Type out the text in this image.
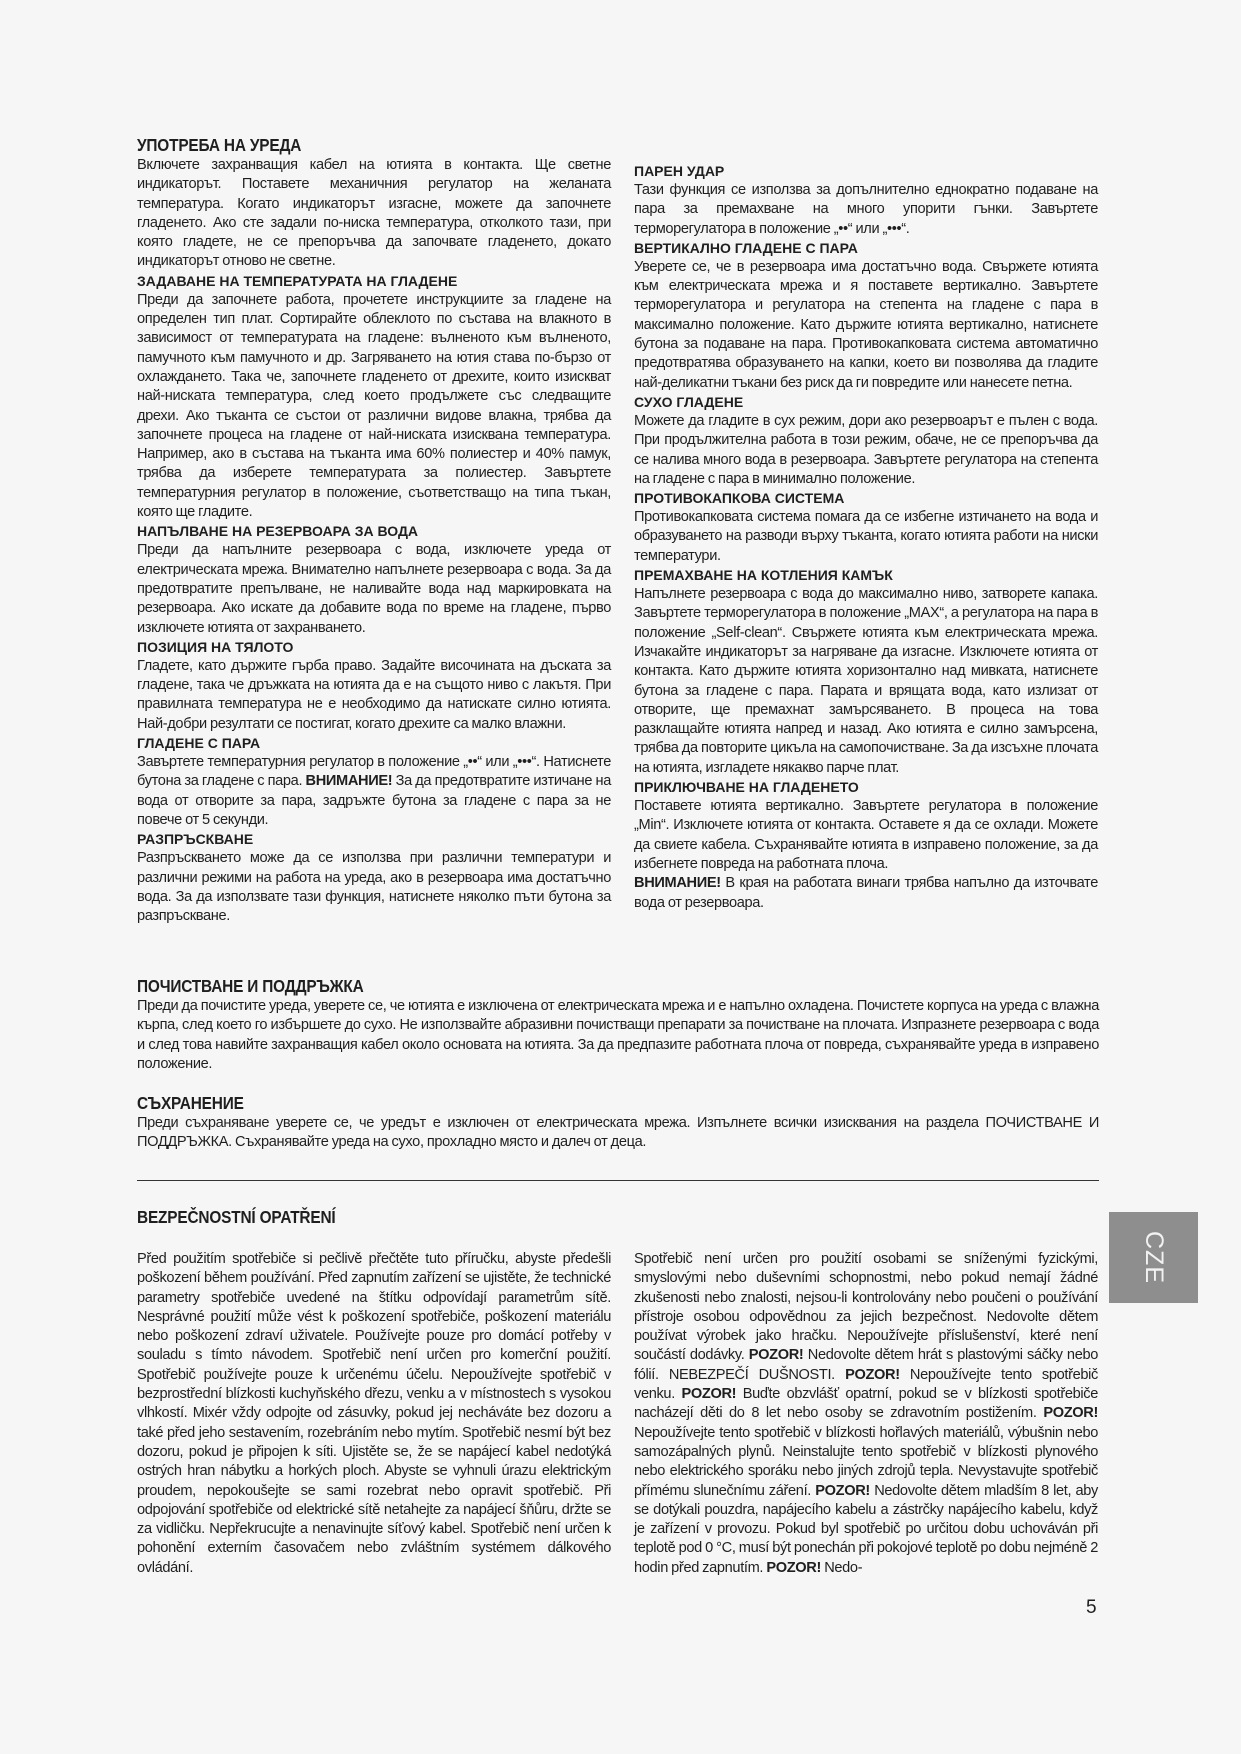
УПОТРЕБА НА УРЕДА

Включете захранващия кабел на ютията в контакта. Ще светне индикаторът. Поставете механичния регулатор на желаната температура. Когато индикаторът изгасне, можете да започнете гладенето. Ако сте задали по-ниска температура, отколкото тази, при която гладете, не се препоръчва да започвате гладенето, докато индикаторът отново не светне.

ЗАДАВАНЕ НА ТЕМПЕРАТУРАТА НА ГЛАДЕНЕ

Преди да започнете работа, прочетете инструкциите за гладене на определен тип плат. Сортирайте облеклото по състава на влакното в зависимост от температурата на гладене: вълненото към вълненото, памучното към памучното и др. Загряването на ютия става по-бързо от охлаждането. Така че, започнете гладенето от дрехите, които изискват най-ниската температура, след което продължете със следващите дрехи. Ако тъканта се състои от различни видове влакна, трябва да започнете процеса на гладене от най-ниската изисквана температура. Например, ако в състава на тъканта има 60% полиестер и 40% памук, трябва да изберете температурата за полиестер. Завъртете температурния регулатор в положение, съответстващо на типа тъкан, която ще гладите.

НАПЪЛВАНЕ НА РЕЗЕРВОАРА ЗА ВОДА

Преди да напълните резервоара с вода, изключете уреда от електрическата мрежа. Внимателно напълнете резервоара с вода. За да предотвратите препълване, не наливайте вода над маркировката на резервоара. Ако искате да добавите вода по време на гладене, първо изключете ютията от захранването.

ПОЗИЦИЯ НА ТЯЛОТО

Гладете, като държите гърба право. Задайте височината на дъската за гладене, така че дръжката на ютията да е на същото ниво с лакътя. При правилната температура не е необходимо да натискате силно ютията. Най-добри резултати се постигат, когато дрехите са малко влажни.

ГЛАДЕНЕ С ПАРА

Завъртете температурния регулатор в положение „••“ или „•••“. Натиснете бутона за гладене с пара. ВНИМАНИЕ! За да предотвратите изтичане на вода от отворите за пара, задръжте бутона за гладене с пара за не повече от 5 секунди.

РАЗПРЪСКВАНЕ

Разпръскването може да се използва при различни температури и различни режими на работа на уреда, ако в резервоара има достатъчно вода. За да използвате тази функция, натиснете няколко пъти бутона за разпръскване.

ПАРЕН УДАР

Тази функция се използва за допълнително еднократно подаване на пара за премахване на много упорити гънки. Завъртете терморегулатора в положение „••“ или „•••“.

ВЕРТИКАЛНО ГЛАДЕНЕ С ПАРА

Уверете се, че в резервоара има достатъчно вода. Свържете ютията към електрическата мрежа и я поставете вертикално. Завъртете терморегулатора и регулатора на степента на гладене с пара в максимално положение. Като държите ютията вертикално, натиснете бутона за подаване на пара. Противокапковата система автоматично предотвратява образуването на капки, което ви позволява да гладите най-деликатни тъкани без риск да ги повредите или нанесете петна.

СУХО ГЛАДЕНЕ

Можете да гладите в сух режим, дори ако резервоарът е пълен с вода. При продължителна работа в този режим, обаче, не се препоръчва да се налива много вода в резервоара. Завъртете регулатора на степента на гладене с пара в минимално положение.

ПРОТИВОКАПКОВА СИСТЕМА

Противокапковата система помага да се избегне изтичането на вода и образуването на разводи върху тъканта, когато ютията работи на ниски температури.

ПРЕМАХВАНЕ НА КОТЛЕНИЯ КАМЪК

Напълнете резервоара с вода до максимално ниво, затворете капака. Завъртете терморегулатора в положение „MAX“, а регулатора на пара в положение „Self-clean“. Свържете ютията към електрическата мрежа. Изчакайте индикаторът за нагряване да изгасне. Изключете ютията от контакта. Като държите ютията хоризонтално над мивката, натиснете бутона за гладене с пара. Парата и врящата вода, като излизат от отворите, ще премахнат замърсяването. В процеса на това разклащайте ютията напред и назад. Ако ютията е силно замърсена, трябва да повторите цикъла на самопочистване. За да изсъхне плочата на ютията, изгладете някакво парче плат.

ПРИКЛЮЧВАНЕ НА ГЛАДЕНЕТО

Поставете ютията вертикално. Завъртете регулатора в положение „Min“. Изключете ютията от контакта. Оставете я да се охлади. Можете да свиете кабела. Съхранявайте ютията в изправено положение, за да избегнете повреда на работната плоча.

ВНИМАНИЕ! В края на работата винаги трябва напълно да източвате вода от резервоара.

ПОЧИСТВАНЕ И ПОДДРЪЖКА

Преди да почистите уреда, уверете се, че ютията е изключена от електрическата мрежа и е напълно охладена. Почистете корпуса на уреда с влажна кърпа, след което го избършете до сухо. Не използвайте абразивни почистващи препарати за почистване на плочата. Изпразнете резервоара с вода и след това навийте захранващия кабел около основата на ютията. За да предпазите работната плоча от повреда, съхранявайте уреда в изправено положение.

СЪХРАНЕНИЕ

Преди съхраняване уверете се, че уредът е изключен от електрическата мрежа. Изпълнете всички изисквания на раздела ПОЧИСТВАНЕ И ПОДДРЪЖКА. Съхранявайте уреда на сухо, прохладно място и далеч от деца.

BEZPEČNOSTNÍ OPATŘENÍ

Před použitím spotřebiče si pečlivě přečtěte tuto příručku, abyste předešli poškození během používání. Před zapnutím zařízení se ujistěte, že technické parametry spotřebiče uvedené na štítku odpovídají parametrům sítě. Nesprávné použití může vést k poškození spotřebiče, poškození materiálu nebo poškození zdraví uživatele. Používejte pouze pro domácí potřeby v souladu s tímto návodem. Spotřebič není určen pro komerční použití. Spotřebič používejte pouze k určenému účelu. Nepoužívejte spotřebič v bezprostřední blízkosti kuchyňského dřezu, venku a v místnostech s vysokou vlhkostí. Mixér vždy odpojte od zásuvky, pokud jej necháváte bez dozoru a také před jeho sestavením, rozebráním nebo mytím. Spotřebič nesmí být bez dozoru, pokud je připojen k síti. Ujistěte se, že se napájecí kabel nedotýká ostrých hran nábytku a horkých ploch. Abyste se vyhnuli úrazu elektrickým proudem, nepokoušejte se sami rozebrat nebo opravit spotřebič. Při odpojování spotřebiče od elektrické sítě netahejte za napájecí šňůru, držte se za vidličku. Nepřekrucujte a nenavinujte síťový kabel. Spotřebič není určen k pohonění externím časovačem nebo zvláštním systémem dálkového ovládání.

Spotřebič není určen pro použití osobami se sníženými fyzickými, smyslovými nebo duševními schopnostmi, nebo pokud nemají žádné zkušenosti nebo znalosti, nejsou-li kontrolovány nebo poučeni o používání přístroje osobou odpovědnou za jejich bezpečnost. Nedovolte dětem používat výrobek jako hračku. Nepoužívejte příslušenství, které není součástí dodávky. POZOR! Nedovolte dětem hrát s plastovými sáčky nebo fólií. NEBEZPEČÍ DUŠNOSTI. POZOR! Nepoužívejte tento spotřebič venku. POZOR! Buďte obzvlášť opatrní, pokud se v blízkosti spotřebiče nacházejí děti do 8 let nebo osoby se zdravotním postižením. POZOR! Nepoužívejte tento spotřebič v blízkosti hořlavých materiálů, výbušnin nebo samozápalných plynů. Neinstalujte tento spotřebič v blízkosti plynového nebo elektrického sporáku nebo jiných zdrojů tepla. Nevystavujte spotřebič přímému slunečnímu záření. POZOR! Nedovolte dětem mladším 8 let, aby se dotýkali pouzdra, napájecího kabelu a zástrčky napájecího kabelu, když je zařízení v provozu. Pokud byl spotřebič po určitou dobu uchováván při teplotě pod 0 °C, musí být ponechán při pokojové teplotě po dobu nejméně 2 hodin před zapnutím. POZOR! Nedo-

CZE
5
